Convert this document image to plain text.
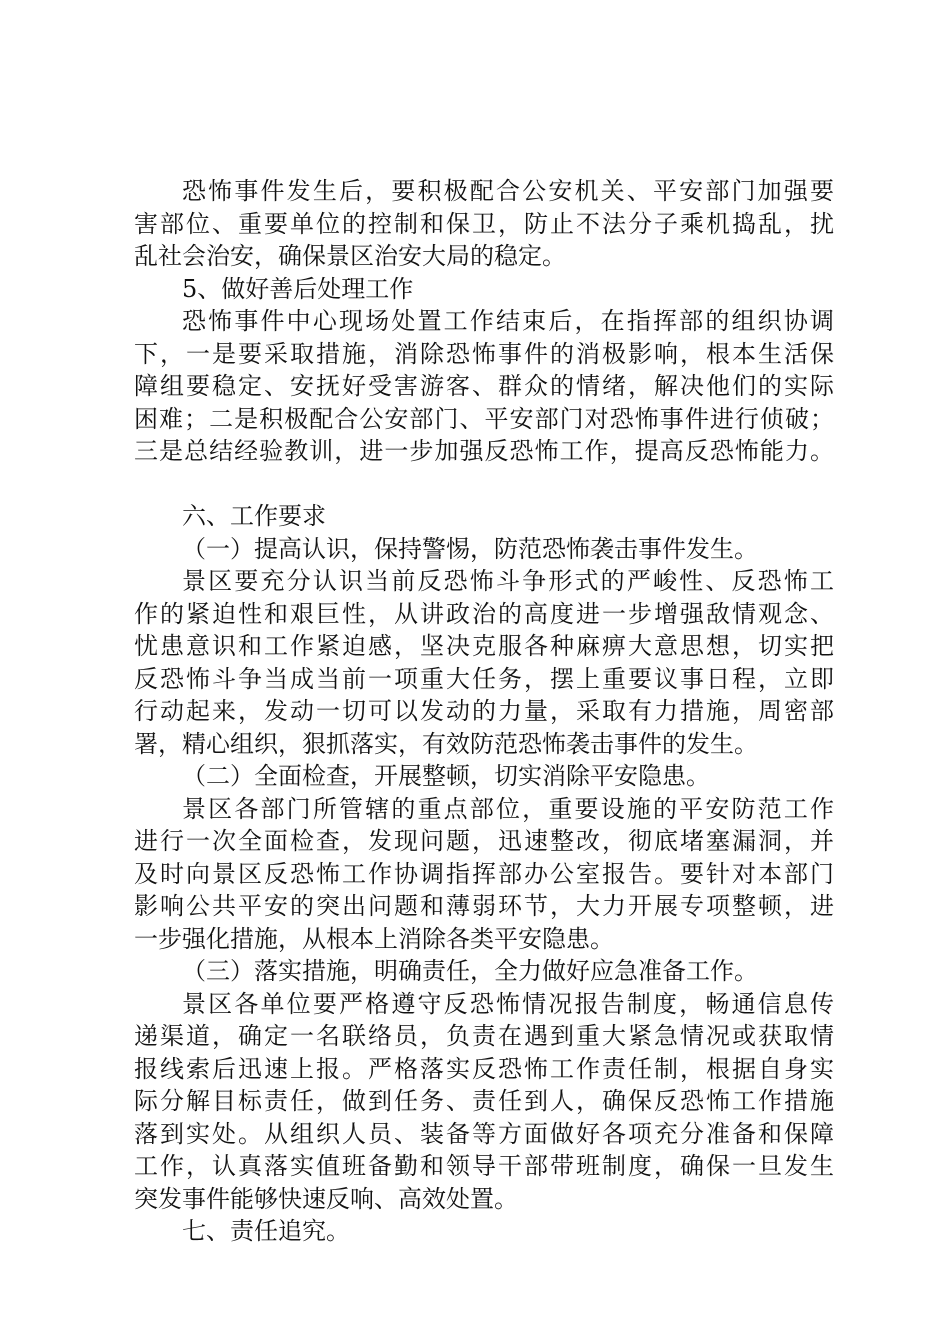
恐怖事件发生后，要积极配合公安机关、平安部门加强要
害部位、重要单位的控制和保卫，防止不法分子乘机捣乱，扰
乱社会治安，确保景区治安大局的稳定。
5、做好善后处理工作
恐怖事件中心现场处置工作结束后，在指挥部的组织协调
下，一是要采取措施，消除恐怖事件的消极影响，根本生活保
障组要稳定、安抚好受害游客、群众的情绪，解决他们的实际
困难；二是积极配合公安部门、平安部门对恐怖事件进行侦破；
三是总结经验教训，进一步加强反恐怖工作，提高反恐怖能力。
六、工作要求
（一）提高认识，保持警惕，防范恐怖袭击事件发生。
景区要充分认识当前反恐怖斗争形式的严峻性、反恐怖工
作的紧迫性和艰巨性，从讲政治的高度进一步增强敌情观念、
忧患意识和工作紧迫感，坚决克服各种麻痹大意思想，切实把
反恐怖斗争当成当前一项重大任务，摆上重要议事日程，立即
行动起来，发动一切可以发动的力量，采取有力措施，周密部
署，精心组织，狠抓落实，有效防范恐怖袭击事件的发生。
（二）全面检查，开展整顿，切实消除平安隐患。
景区各部门所管辖的重点部位，重要设施的平安防范工作
进行一次全面检查，发现问题，迅速整改，彻底堵塞漏洞，并
及时向景区反恐怖工作协调指挥部办公室报告。要针对本部门
影响公共平安的突出问题和薄弱环节，大力开展专项整顿，进
一步强化措施，从根本上消除各类平安隐患。
（三）落实措施，明确责任，全力做好应急准备工作。
景区各单位要严格遵守反恐怖情况报告制度，畅通信息传
递渠道，确定一名联络员，负责在遇到重大紧急情况或获取情
报线索后迅速上报。严格落实反恐怖工作责任制，根据自身实
际分解目标责任，做到任务、责任到人，确保反恐怖工作措施
落到实处。从组织人员、装备等方面做好各项充分准备和保障
工作，认真落实值班备勤和领导干部带班制度，确保一旦发生
突发事件能够快速反响、高效处置。
七、责任追究。
